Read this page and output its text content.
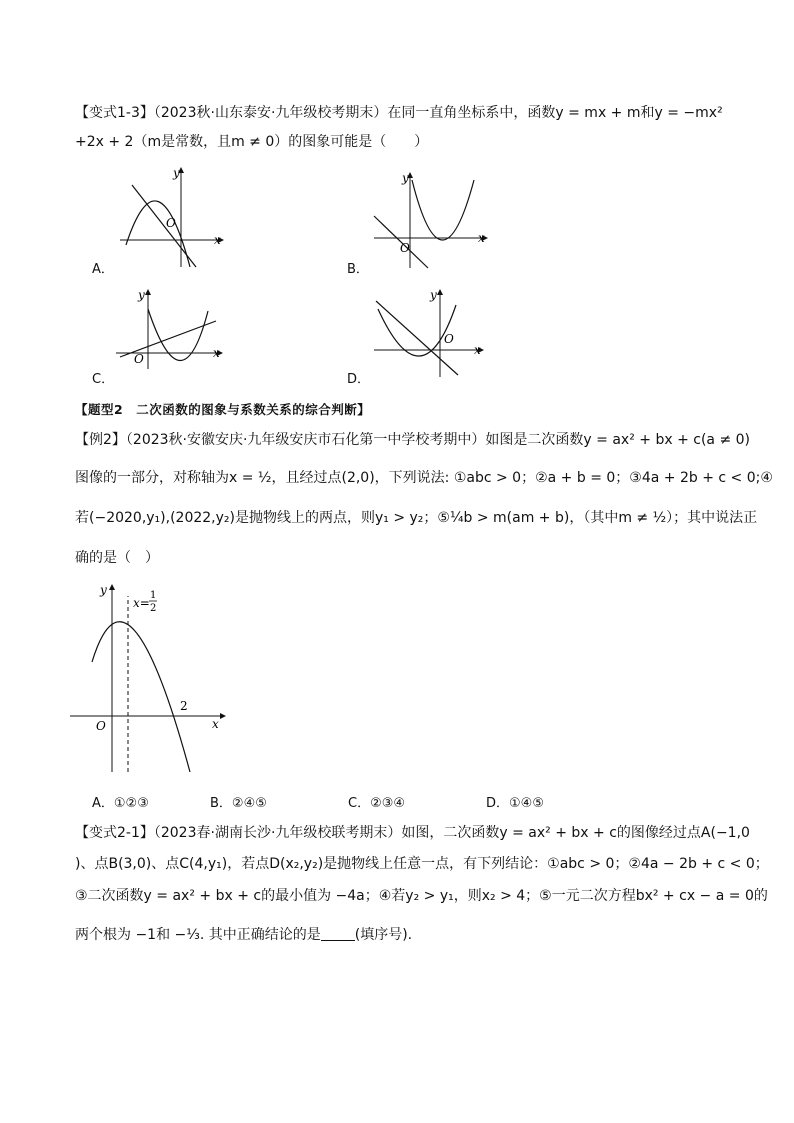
【变式1-3】（2023秋·山东泰安·九年级校考期末）在同一直角坐标系中，函数y = mx + m和y = −mx²
+2x + 2（m是常数，且m ≠ 0）的图象可能是（　　）
x
y
O
A．
x
y
O
B．
x
y
O
C．
x
y
O
D．
【题型2　二次函数的图象与系数关系的综合判断】
【例2】（2023秋·安徽安庆·九年级安庆市石化第一中学校考期中）如图是二次函数y = ax² + bx + c(a ≠ 0)
图像的一部分，对称轴为x = ½，且经过点(2,0)，下列说法: ①abc > 0；②a + b = 0；③4a + 2b + c < 0;④
若(−2020,y₁),(2022,y₂)是抛物线上的两点，则y₁ > y₂；⑤¼b > m(am + b)，（其中m ≠ ½）；其中说法正
确的是（　）
x
y
O
2
x=
1
2
A．①②③	B．②④⑤	C．②③④	D．①④⑤
【变式2-1】（2023春·湖南长沙·九年级校联考期末）如图，二次函数y = ax² + bx + c的图像经过点A(−1,0
)、点B(3,0)、点C(4,y₁)，若点D(x₂,y₂)是抛物线上任意一点，有下列结论：①abc > 0；②4a − 2b + c < 0；
③二次函数y = ax² + bx + c的最小值为 −4a；④若y₂ > y₁，则x₂ > 4；⑤一元二次方程bx² + cx − a = 0的
两个根为 −1和 −⅓. 其中正确结论的是 (填序号).
